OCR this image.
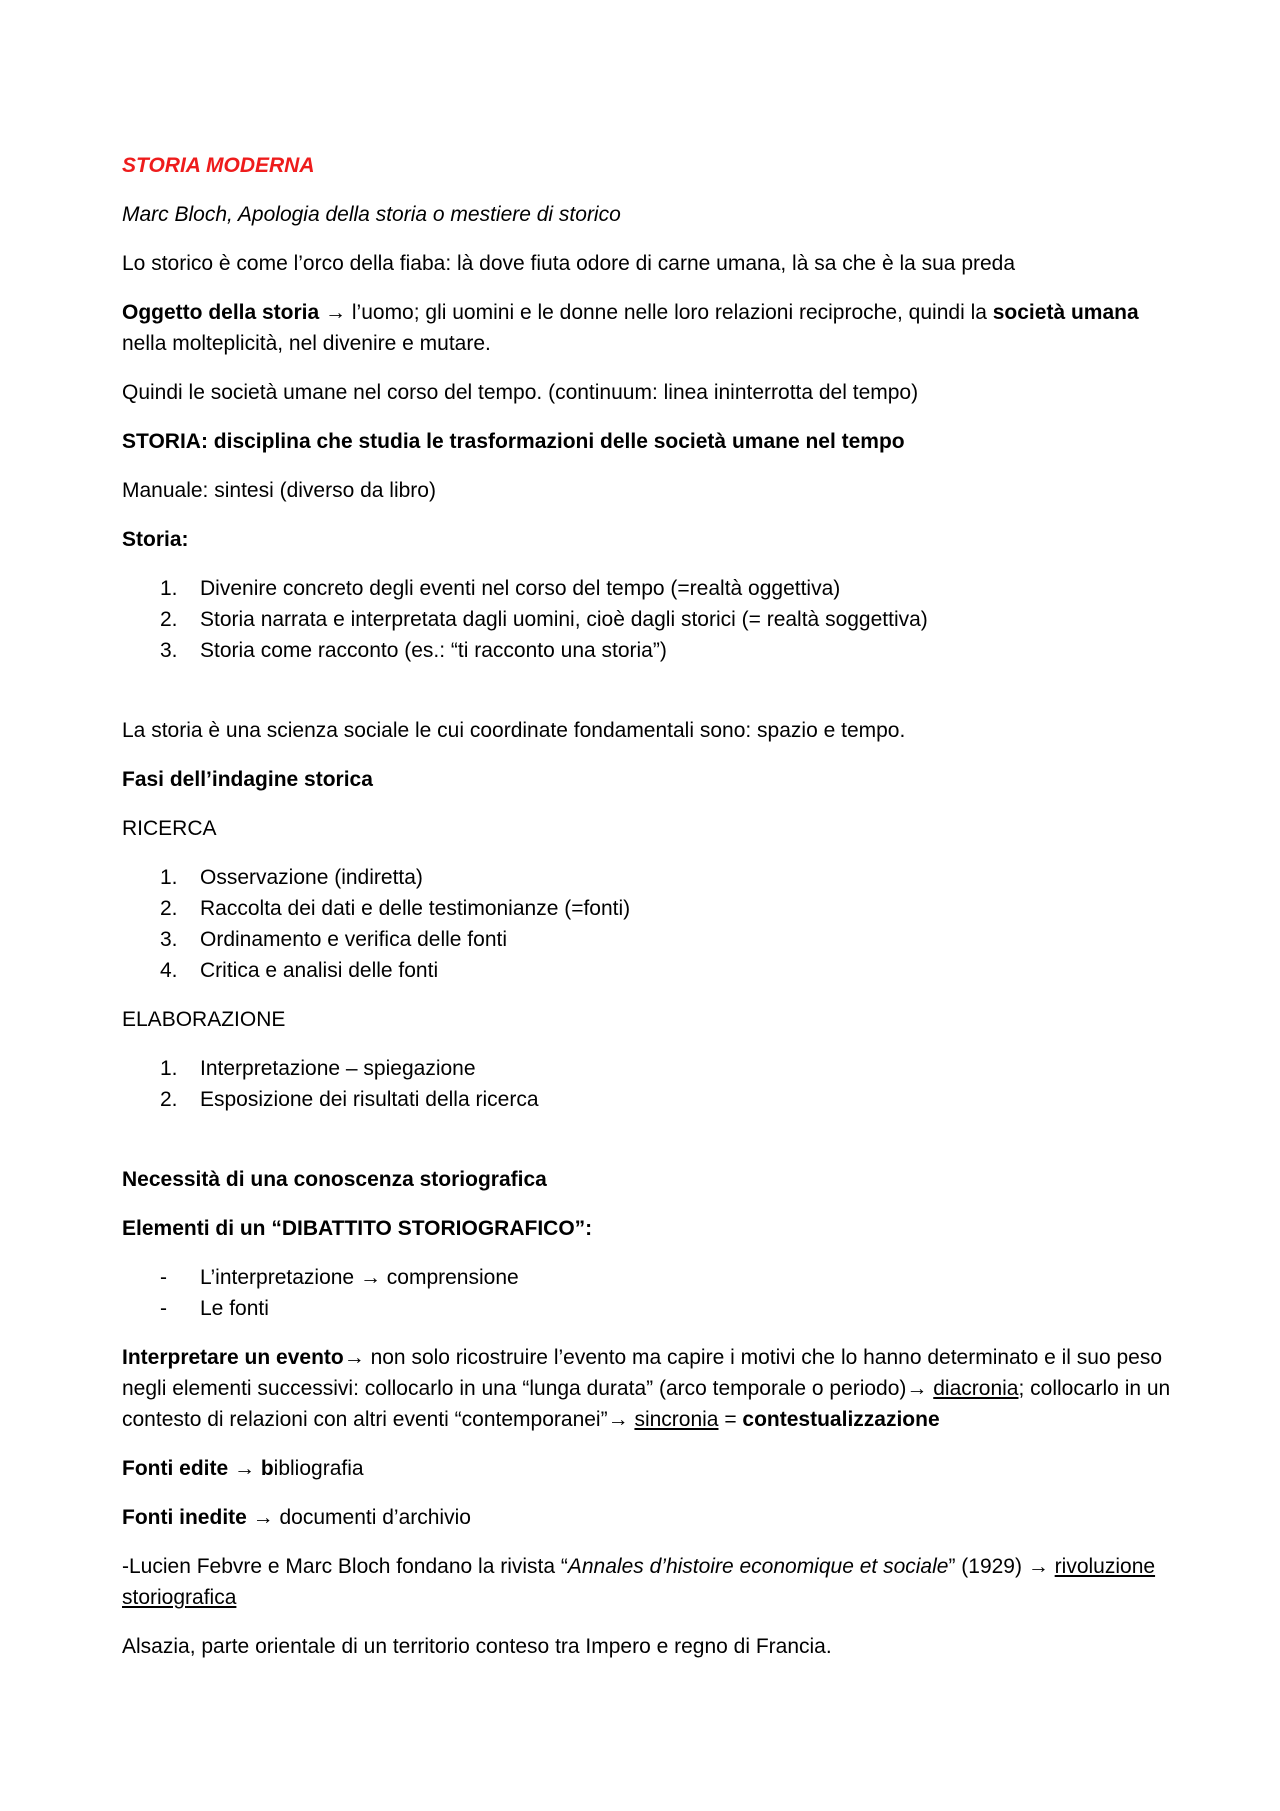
STORIA MODERNA

Marc Bloch, Apologia della storia o mestiere di storico

Lo storico è come l’orco della fiaba: là dove fiuta odore di carne umana, là sa che è la sua preda

Oggetto della storia → l’uomo; gli uomini e le donne nelle loro relazioni reciproche, quindi la società umana nella molteplicità, nel divenire e mutare.

Quindi le società umane nel corso del tempo. (continuum: linea ininterrotta del tempo)

STORIA: disciplina che studia le trasformazioni delle società umane nel tempo

Manuale: sintesi (diverso da libro)

Storia:

1. Divenire concreto degli eventi nel corso del tempo (=realtà oggettiva)
2. Storia narrata e interpretata dagli uomini, cioè dagli storici (= realtà soggettiva)
3. Storia come racconto (es.: “ti racconto una storia”)

La storia è una scienza sociale le cui coordinate fondamentali sono: spazio e tempo.

Fasi dell’indagine storica

RICERCA

1. Osservazione (indiretta)
2. Raccolta dei dati e delle testimonianze (=fonti)
3. Ordinamento e verifica delle fonti
4. Critica e analisi delle fonti

ELABORAZIONE

1. Interpretazione – spiegazione
2. Esposizione dei risultati della ricerca

Necessità di una conoscenza storiografica

Elementi di un “DIBATTITO STORIOGRAFICO”:

- L’interpretazione → comprensione
- Le fonti

Interpretare un evento→ non solo ricostruire l’evento ma capire i motivi che lo hanno determinato e il suo peso negli elementi successivi: collocarlo in una “lunga durata” (arco temporale o periodo)→ diacronia; collocarlo in un contesto di relazioni con altri eventi “contemporanei”→ sincronia = contestualizzazione

Fonti edite → bibliografia

Fonti inedite → documenti d’archivio

-Lucien Febvre e Marc Bloch fondano la rivista “Annales d’histoire economique et sociale” (1929) → rivoluzione storiografica

Alsazia, parte orientale di un territorio conteso tra Impero e regno di Francia.
